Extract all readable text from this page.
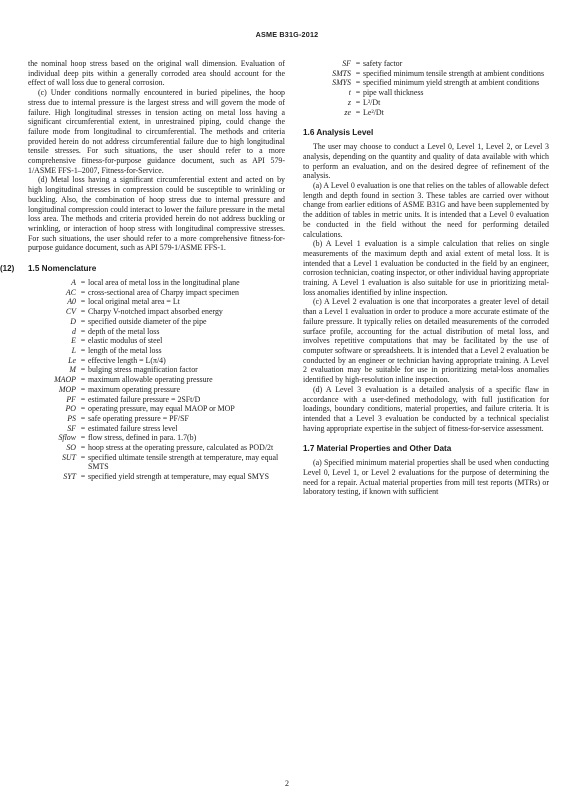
ASME B31G-2012

the nominal hoop stress based on the original wall dimension. Evaluation of individual deep pits within a generally corroded area should account for the effect of wall loss due to general corrosion.

(c) Under conditions normally encountered in buried pipelines, the hoop stress due to internal pressure is the largest stress and will govern the mode of failure. High longitudinal stresses in tension acting on metal loss having a significant circumferential extent, in unrestrained piping, could change the failure mode from longitudinal to circumferential. The methods and criteria provided herein do not address circumferential failure due to high longitudinal tensile stresses. For such situations, the user should refer to a more comprehensive fitness-for-purpose guidance document, such as API 579-1/ASME FFS-1–2007, Fitness-for-Service.

(d) Metal loss having a significant circumferential extent and acted on by high longitudinal stresses in compression could be susceptible to wrinkling or buckling. Also, the combination of hoop stress due to internal pressure and longitudinal compression could interact to lower the failure pressure in the metal loss area. The methods and criteria provided herein do not address buckling or wrinkling, or interaction of hoop stress with longitudinal compressive stresses. For such situations, the user should refer to a more comprehensive fitness-for-purpose guidance document, such as API 579-1/ASME FFS-1.

(12) 1.5 Nomenclature
A = local area of metal loss in the longitudinal plane
AC = cross-sectional area of Charpy impact specimen
A0 = local original metal area = Lt
CV = Charpy V-notched impact absorbed energy
D = specified outside diameter of the pipe
d = depth of the metal loss
E = elastic modulus of steel
L = length of the metal loss
Le = effective length = L(π/4)
M = bulging stress magnification factor
MAOP = maximum allowable operating pressure
MOP = maximum operating pressure
PF = estimated failure pressure = 2SFt/D
PO = operating pressure, may equal MAOP or MOP
PS = safe operating pressure = PF/SF
SF = estimated failure stress level
Sflow = flow stress, defined in para. 1.7(b)
SO = hoop stress at the operating pressure, calculated as POD/2t
SUT = specified ultimate tensile strength at temperature, may equal SMTS
SYT = specified yield strength at temperature, may equal SMYS
SF = safety factor
SMTS = specified minimum tensile strength at ambient conditions
SMYS = specified minimum yield strength at ambient conditions
t = pipe wall thickness
z = L²/Dt
ze = Le²/Dt
1.6 Analysis Level

The user may choose to conduct a Level 0, Level 1, Level 2, or Level 3 analysis, depending on the quantity and quality of data available with which to perform an evaluation, and on the desired degree of refinement of the analysis.

(a) A Level 0 evaluation is one that relies on the tables of allowable defect length and depth found in section 3. These tables are carried over without change from earlier editions of ASME B31G and have been supplemented by the addition of tables in metric units. It is intended that a Level 0 evaluation be conducted in the field without the need for performing detailed calculations.

(b) A Level 1 evaluation is a simple calculation that relies on single measurements of the maximum depth and axial extent of metal loss. It is intended that a Level 1 evaluation be conducted in the field by an engineer, corrosion technician, coating inspector, or other individual having appropriate training. A Level 1 evaluation is also suitable for use in prioritizing metal-loss anomalies identified by inline inspection.

(c) A Level 2 evaluation is one that incorporates a greater level of detail than a Level 1 evaluation in order to produce a more accurate estimate of the failure pressure. It typically relies on detailed measurements of the corroded surface profile, accounting for the actual distribution of metal loss, and involves repetitive computations that may be facilitated by the use of computer software or spreadsheets. It is intended that a Level 2 evaluation be conducted by an engineer or technician having appropriate training. A Level 2 evaluation may be suitable for use in prioritizing metal-loss anomalies identified by high-resolution inline inspection.

(d) A Level 3 evaluation is a detailed analysis of a specific flaw in accordance with a user-defined methodology, with full justification for loadings, boundary conditions, material properties, and failure criteria. It is intended that a Level 3 evaluation be conducted by a technical specialist having appropriate expertise in the subject of fitness-for-service assessment.

1.7 Material Properties and Other Data

(a) Specified minimum material properties shall be used when conducting Level 0, Level 1, or Level 2 evaluations for the purpose of determining the need for a repair. Actual material properties from mill test reports (MTRs) or laboratory testing, if known with sufficient

2
